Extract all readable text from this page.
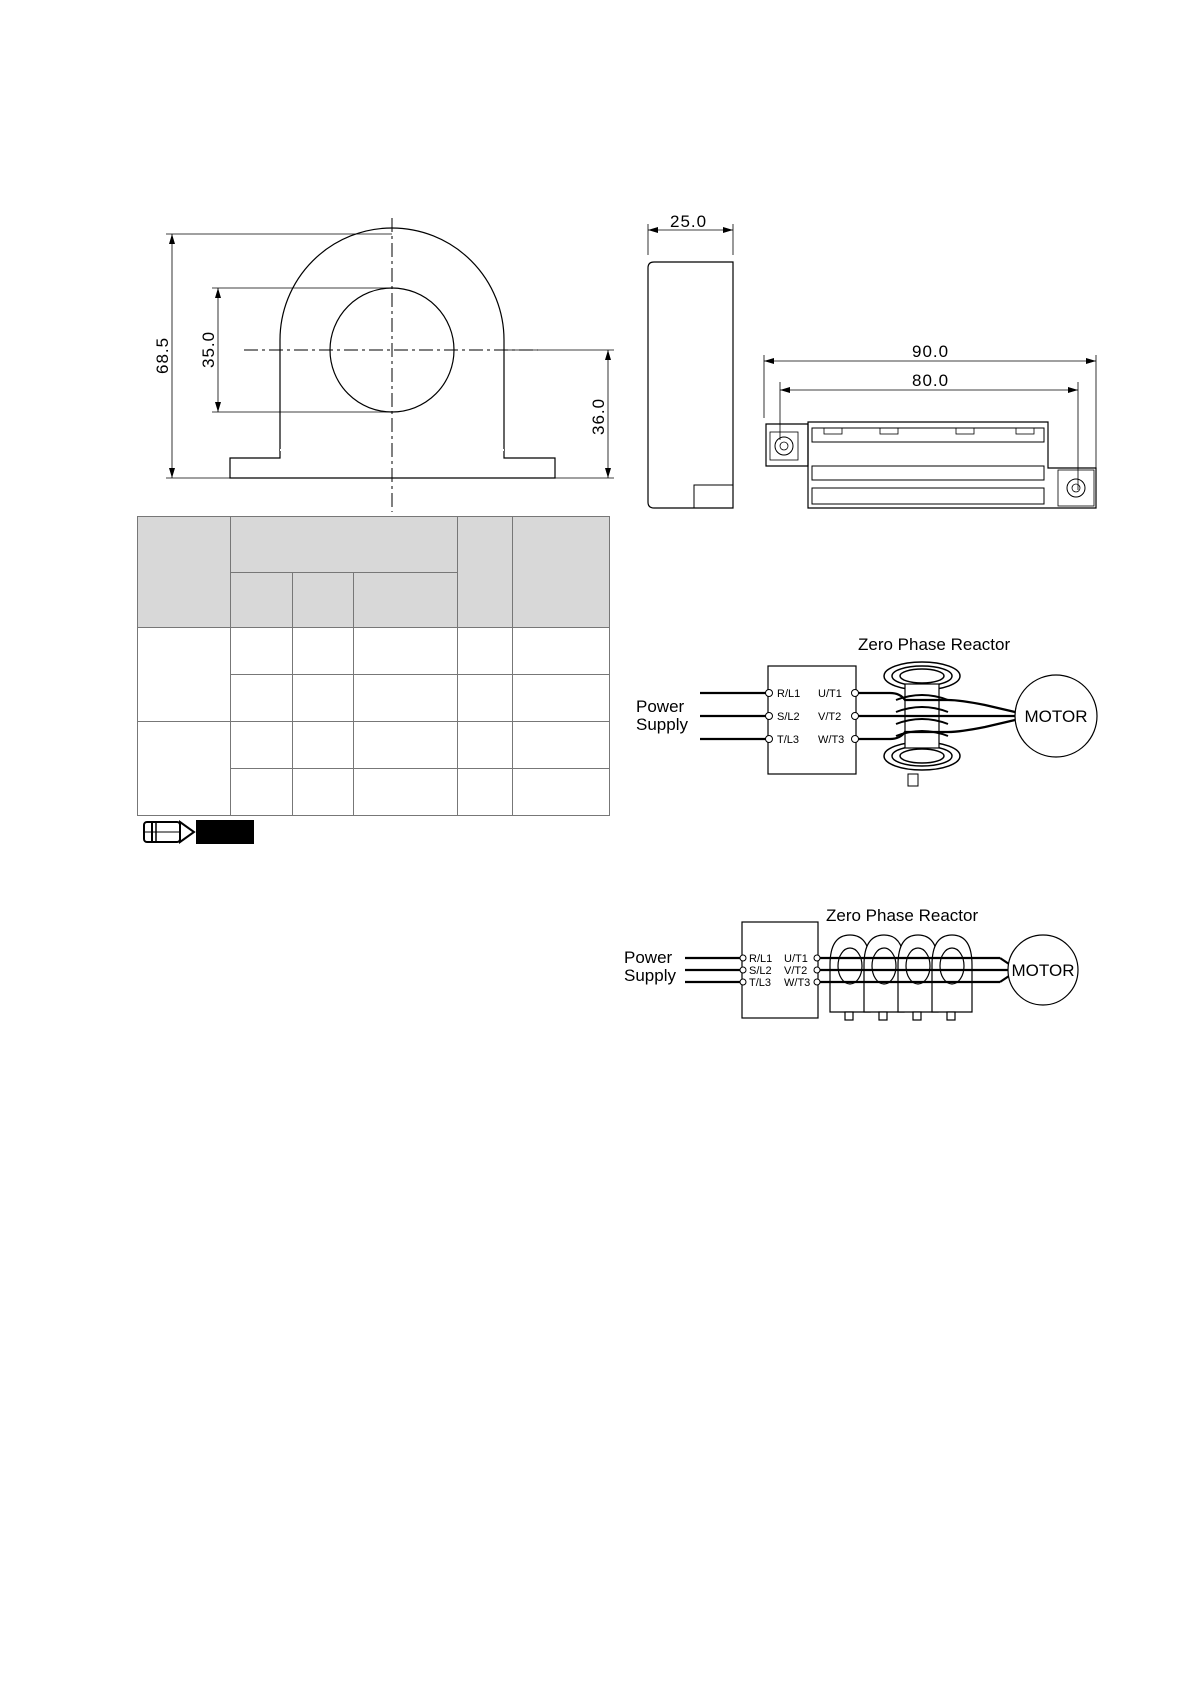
68.5 35.0
36.0
25.0
90.0
80.0

Zero Phase Reactor
Power
Supply
R/L1
S/L2
T/L3
U/T1
V/T2
W/T3
MOTOR
Zero Phase Reactor
Power
Supply
R/L1
S/L2
T/L3
U/T1
V/T2
W/T3
MOTOR
